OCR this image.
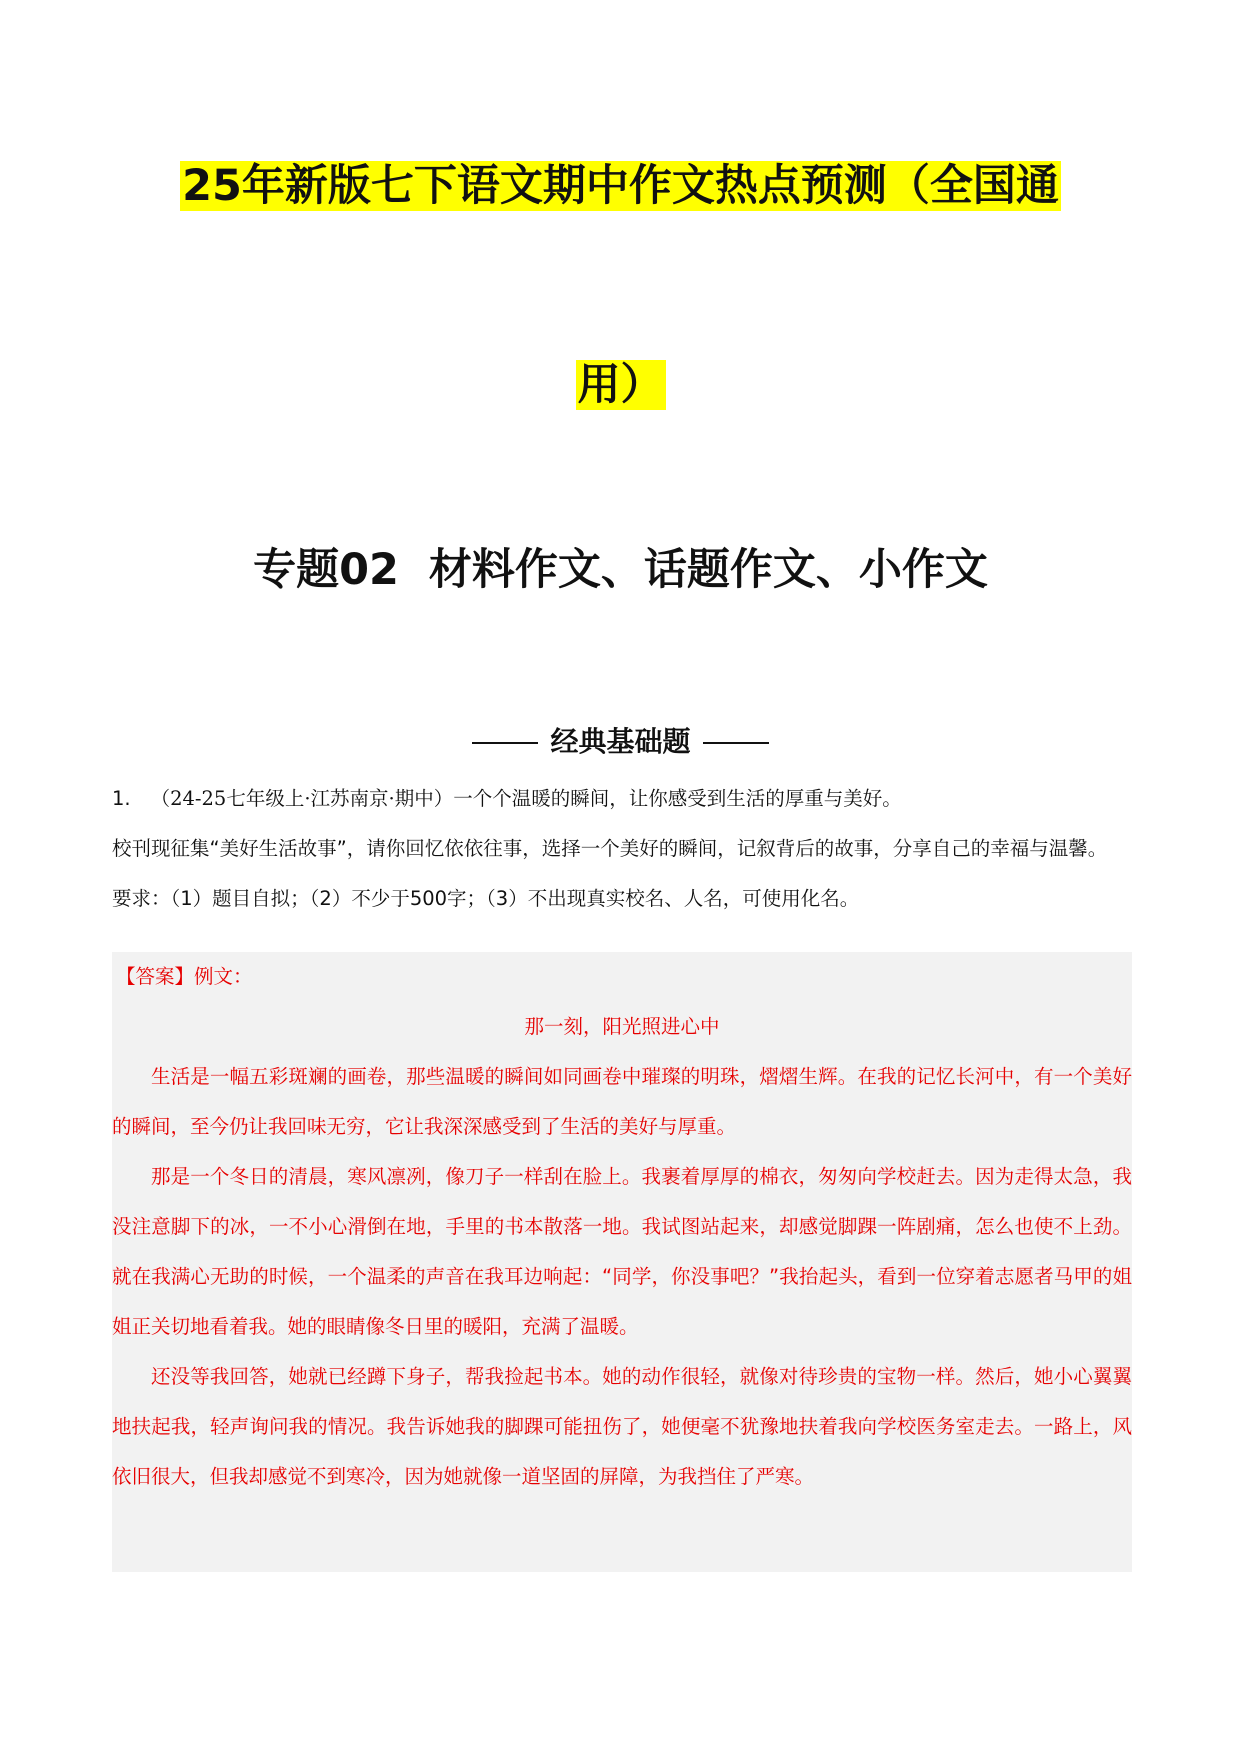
25年新版七下语文期中作文热点预测（全国通
用）
专题02  材料作文、话题作文、小作文
经典基础题

1. （24-25七年级上·江苏南京·期中）一个个温暖的瞬间，让你感受到生活的厚重与美好。

校刊现征集“美好生活故事”，请你回忆依依往事，选择一个美好的瞬间，记叙背后的故事，分享自己的幸福与温馨。

要求：（1）题目自拟；（2）不少于500字；（3）不出现真实校名、人名，可使用化名。

【答案】例文：

那一刻，阳光照进心中

生活是一幅五彩斑斓的画卷，那些温暖的瞬间如同画卷中璀璨的明珠，熠熠生辉。在我的记忆长河中，有一个美好的瞬间，至今仍让我回味无穷，它让我深深感受到了生活的美好与厚重。

那是一个冬日的清晨，寒风凛冽，像刀子一样刮在脸上。我裹着厚厚的棉衣，匆匆向学校赶去。因为走得太急，我没注意脚下的冰，一不小心滑倒在地，手里的书本散落一地。我试图站起来，却感觉脚踝一阵剧痛，怎么也使不上劲。就在我满心无助的时候，一个温柔的声音在我耳边响起：“同学，你没事吧？”我抬起头，看到一位穿着志愿者马甲的姐姐正关切地看着我。她的眼睛像冬日里的暖阳，充满了温暖。

还没等我回答，她就已经蹲下身子，帮我捡起书本。她的动作很轻，就像对待珍贵的宝物一样。然后，她小心翼翼地扶起我，轻声询问我的情况。我告诉她我的脚踝可能扭伤了，她便毫不犹豫地扶着我向学校医务室走去。一路上，风依旧很大，但我却感觉不到寒冷，因为她就像一道坚固的屏障，为我挡住了严寒。
